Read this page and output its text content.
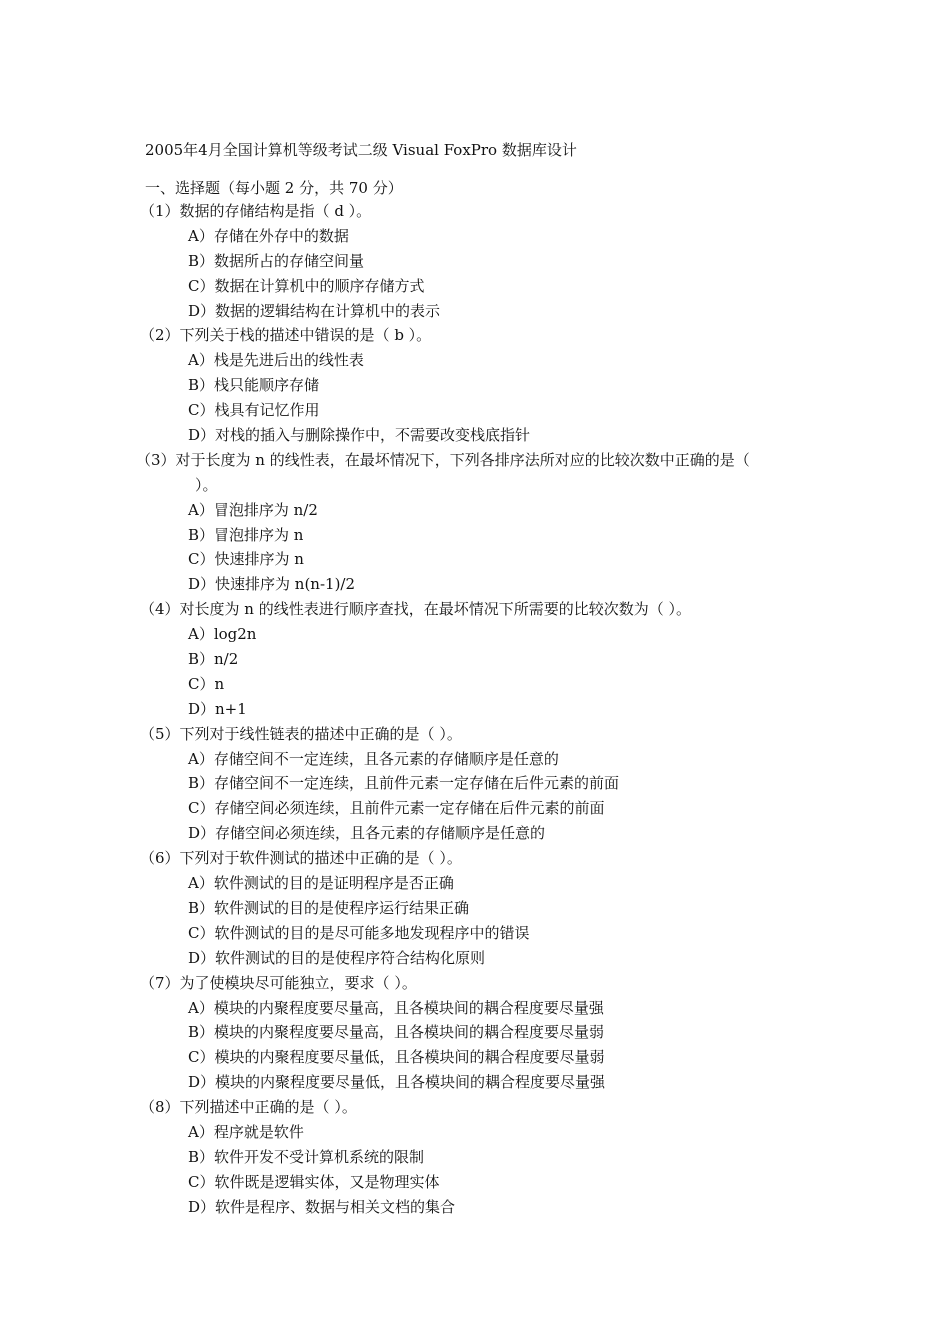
2005年4月全国计算机等级考试二级 Visual FoxPro 数据库设计
一、选择题（每小题 2 分，共 70 分）
（1）数据的存储结构是指（ d ）。
A）存储在外存中的数据
B）数据所占的存储空间量
C）数据在计算机中的顺序存储方式
D）数据的逻辑结构在计算机中的表示
（2）下列关于栈的描述中错误的是（ b ）。
A）栈是先进后出的线性表
B）栈只能顺序存储
C）栈具有记忆作用
D）对栈的插入与删除操作中，不需要改变栈底指针
（3）对于长度为 n 的线性表，在最坏情况下，下列各排序法所对应的比较次数中正确的是（
）。
A）冒泡排序为 n/2
B）冒泡排序为 n
C）快速排序为 n
D）快速排序为 n(n-1)/2
（4）对长度为 n 的线性表进行顺序查找，在最坏情况下所需要的比较次数为（ ）。
A）log2n
B）n/2
C）n
D）n+1
（5）下列对于线性链表的描述中正确的是（ ）。
A）存储空间不一定连续，且各元素的存储顺序是任意的
B）存储空间不一定连续，且前件元素一定存储在后件元素的前面
C）存储空间必须连续，且前件元素一定存储在后件元素的前面
D）存储空间必须连续，且各元素的存储顺序是任意的
（6）下列对于软件测试的描述中正确的是（ ）。
A）软件测试的目的是证明程序是否正确
B）软件测试的目的是使程序运行结果正确
C）软件测试的目的是尽可能多地发现程序中的错误
D）软件测试的目的是使程序符合结构化原则
（7）为了使模块尽可能独立，要求（ ）。
A）模块的内聚程度要尽量高，且各模块间的耦合程度要尽量强
B）模块的内聚程度要尽量高，且各模块间的耦合程度要尽量弱
C）模块的内聚程度要尽量低，且各模块间的耦合程度要尽量弱
D）模块的内聚程度要尽量低，且各模块间的耦合程度要尽量强
（8）下列描述中正确的是（ ）。
A）程序就是软件
B）软件开发不受计算机系统的限制
C）软件既是逻辑实体，又是物理实体
D）软件是程序、数据与相关文档的集合
